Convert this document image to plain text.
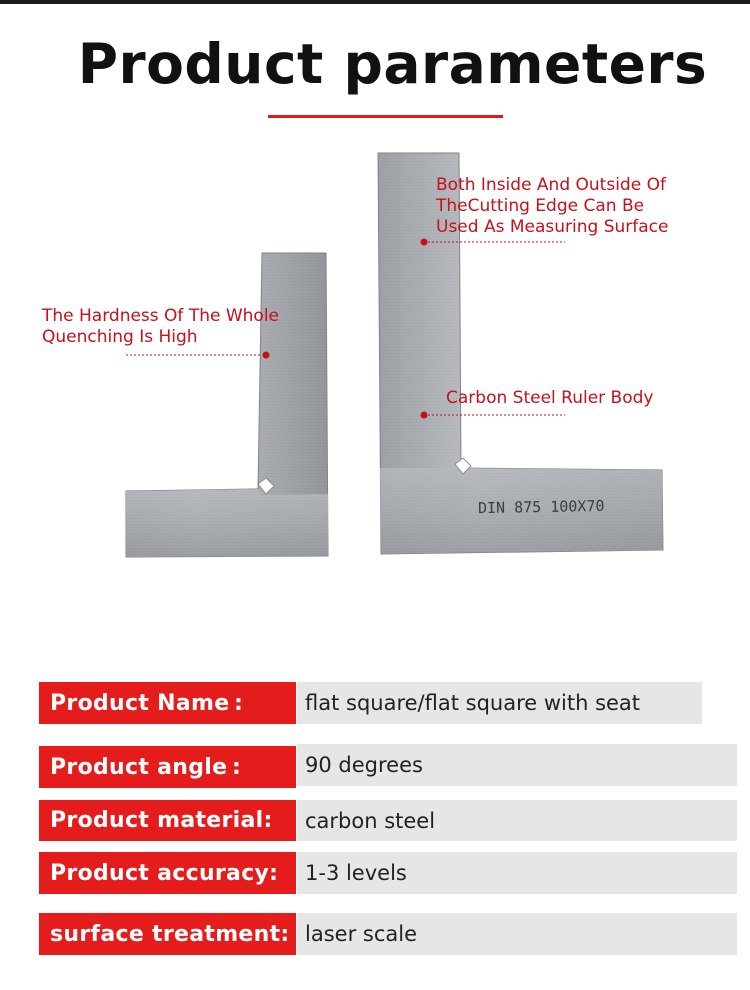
Product parameters
Both Inside And Outside Of
TheCutting Edge Can Be
Used As Measuring Surface
The Hardness Of The Whole
Quenching Is High
Carbon Steel Ruler Body
DIN 875 100X70
Product Name :	flat square/flat square with seat
Product angle :	90 degrees
Product material:	carbon steel
Product accuracy:	1-3 levels
surface treatment: laser scale
